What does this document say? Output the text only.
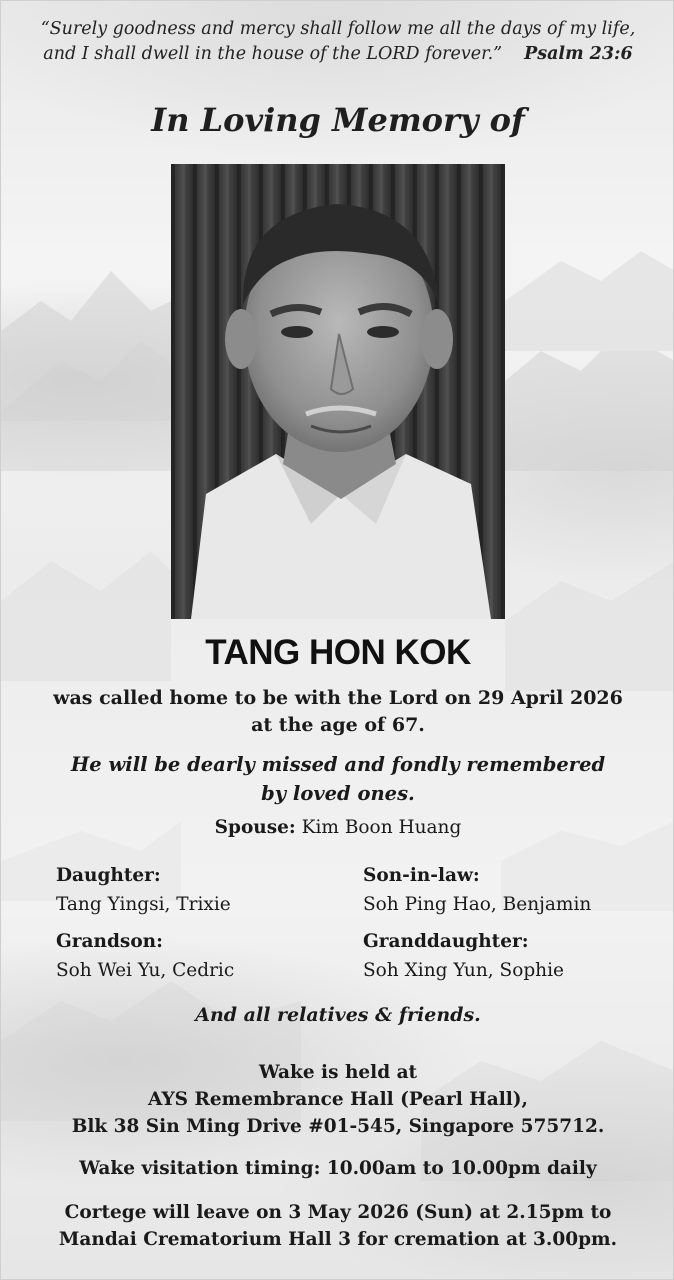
“Surely goodness and mercy shall follow me all the days of my life,
and I shall dwell in the house of the LORD forever.” Psalm 23:6
In Loving Memory of
TANG HON KOK
was called home to be with the Lord on 29 April 2026
at the age of 67.
He will be dearly missed and fondly remembered
by loved ones.
Spouse: Kim Boon Huang
Daughter:
Tang Yingsi, Trixie
Son-in-law:
Soh Ping Hao, Benjamin
Grandson:
Soh Wei Yu, Cedric
Granddaughter:
Soh Xing Yun, Sophie
And all relatives & friends.
Wake is held at
AYS Remembrance Hall (Pearl Hall),
Blk 38 Sin Ming Drive #01-545, Singapore 575712.
Wake visitation timing: 10.00am to 10.00pm daily
Cortege will leave on 3 May 2026 (Sun) at 2.15pm to
Mandai Crematorium Hall 3 for cremation at 3.00pm.
